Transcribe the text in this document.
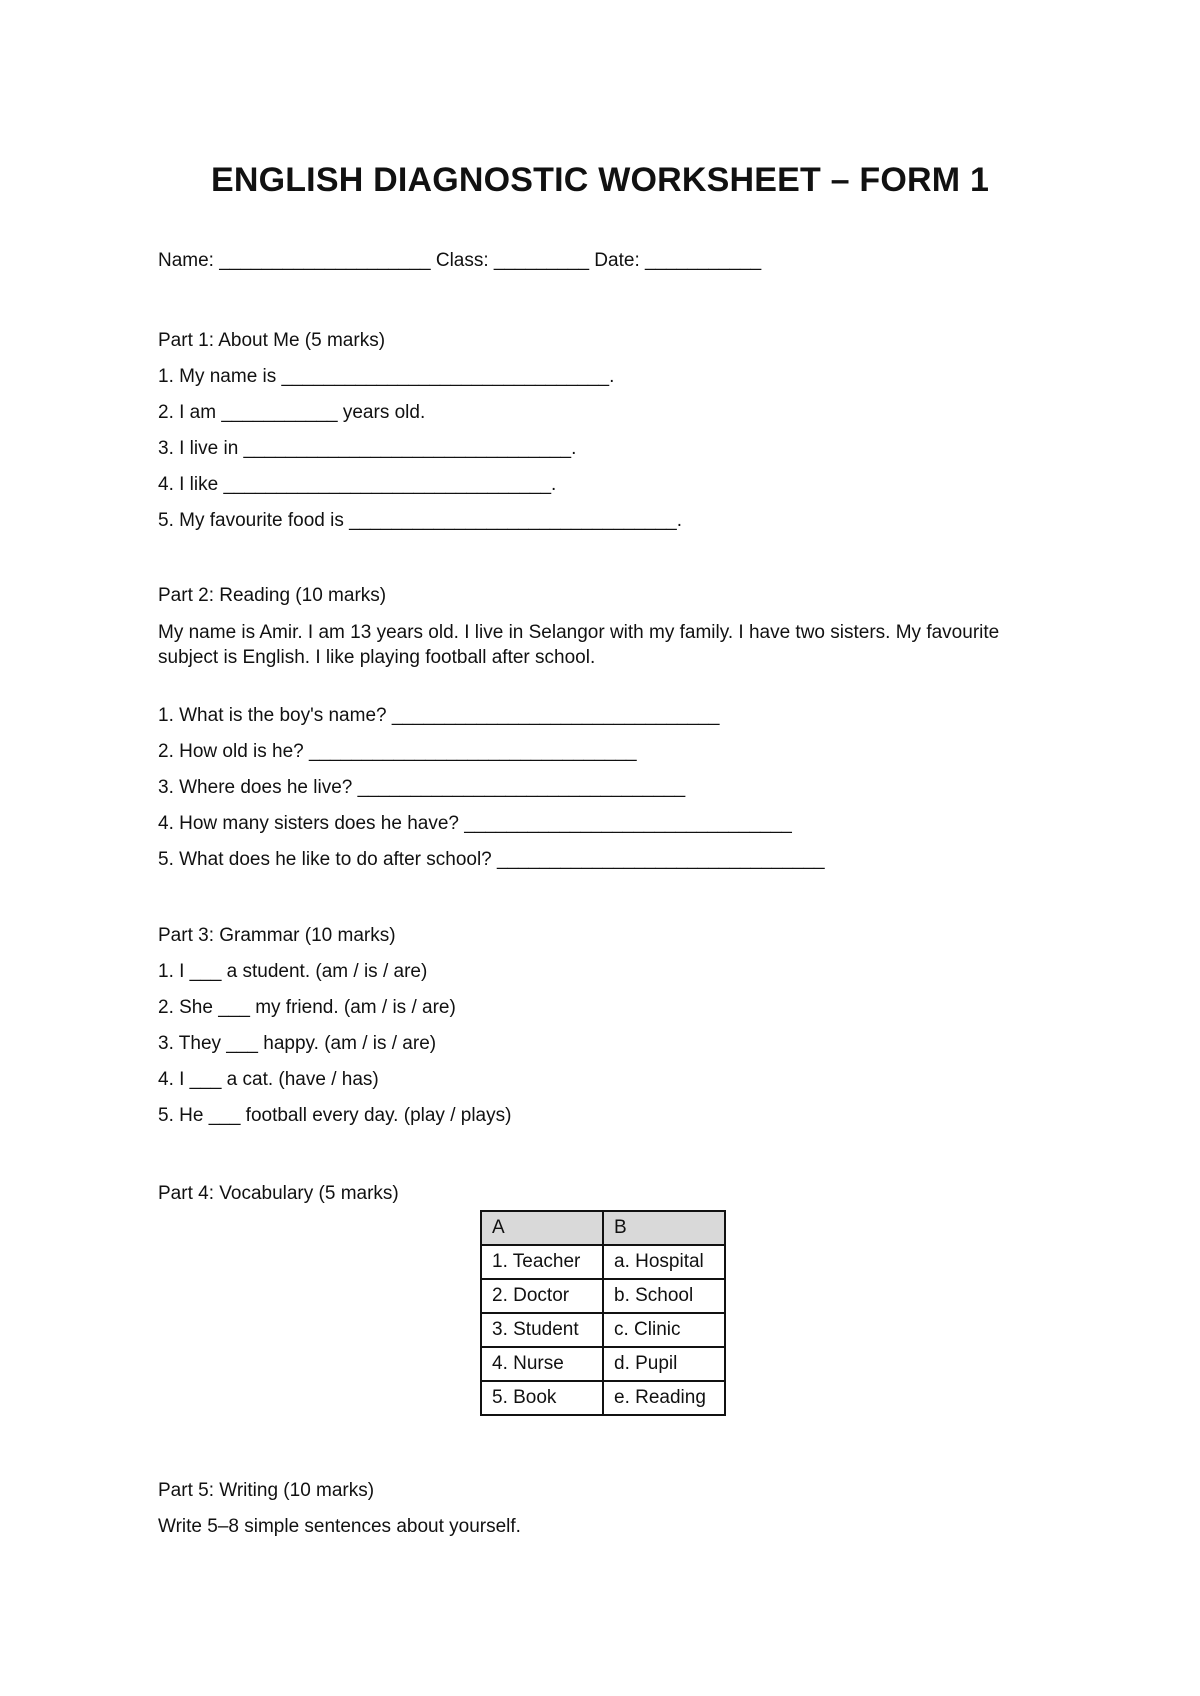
ENGLISH DIAGNOSTIC WORKSHEET – FORM 1
Name: ____________________ Class: _________ Date: ___________
Part 1: About Me (5 marks)
1. My name is _______________________________.
2. I am ___________ years old.
3. I live in _______________________________.
4. I like _______________________________.
5. My favourite food is _______________________________.
Part 2: Reading (10 marks)
My name is Amir. I am 13 years old. I live in Selangor with my family. I have two sisters. My favourite subject is English. I like playing football after school.
1. What is the boy's name? _______________________________
2. How old is he? _______________________________
3. Where does he live? _______________________________
4. How many sisters does he have? _______________________________
5. What does he like to do after school? _______________________________
Part 3: Grammar (10 marks)
1. I ___ a student. (am / is / are)
2. She ___ my friend. (am / is / are)
3. They ___ happy. (am / is / are)
4. I ___ a cat. (have / has)
5. He ___ football every day. (play / plays)
Part 4: Vocabulary (5 marks)
A	B
1. Teacher	a. Hospital
2. Doctor	b. School
3. Student	c. Clinic
4. Nurse	d. Pupil
5. Book	e. Reading
Part 5: Writing (10 marks)
Write 5–8 simple sentences about yourself.
